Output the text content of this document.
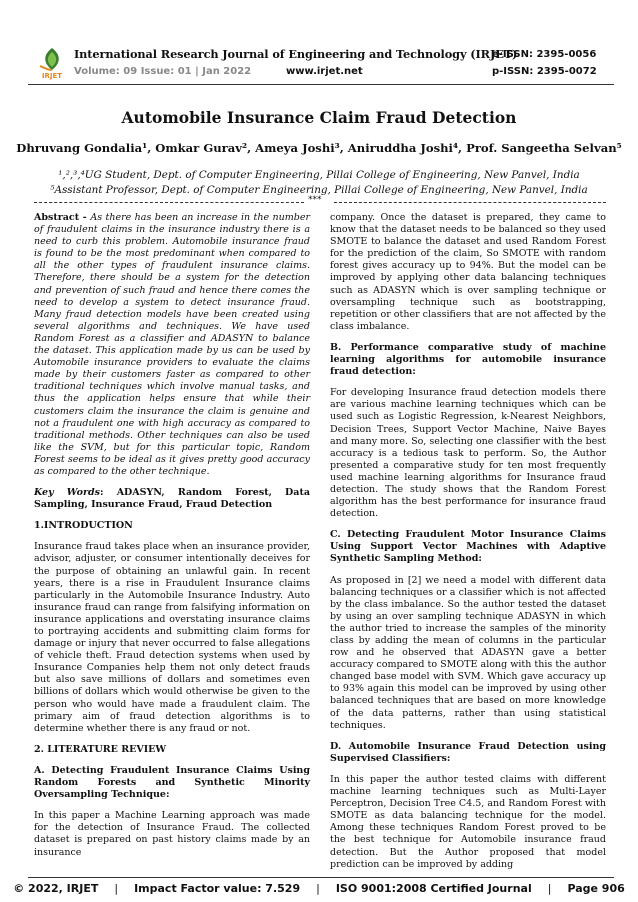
IRJET
International Research Journal of Engineering and Technology (IRJET)
e-ISSN: 2395-0056
Volume: 09 Issue: 01 | Jan 2022	www.irjet.net	p-ISSN: 2395-0072
Automobile Insurance Claim Fraud Detection
Dhruvang Gondalia¹, Omkar Gurav², Ameya Joshi³, Aniruddha Joshi⁴, Prof. Sangeetha Selvan⁵
¹,²,³,⁴UG Student, Dept. of Computer Engineering, Pillai College of Engineering, New Panvel, India
⁵Assistant Professor, Dept. of Computer Engineering, Pillai College of Engineering, New Panvel, India
***

Abstract - As there has been an increase in the number of fraudulent claims in the insurance industry there is a need to curb this problem. Automobile insurance fraud is found to be the most predominant when compared to all the other types of fraudulent insurance claims. Therefore, there should be a system for the detection and prevention of such fraud and hence there comes the need to develop a system to detect insurance fraud. Many fraud detection models have been created using several algorithms and techniques. We have used Random Forest as a classifier and ADASYN to balance the dataset. This application made by us can be used by Automobile insurance providers to evaluate the claims made by their customers faster as compared to other traditional techniques which involve manual tasks, and thus the application helps ensure that while their customers claim the insurance the claim is genuine and not a fraudulent one with high accuracy as compared to traditional methods. Other techniques can also be used like the SVM, but for this particular topic, Random Forest seems to be ideal as it gives pretty good accuracy as compared to the other technique.

Key Words: ADASYN, Random Forest, Data Sampling, Insurance Fraud, Fraud Detection

1.INTRODUCTION

Insurance fraud takes place when an insurance provider, advisor, adjuster, or consumer intentionally deceives for the purpose of obtaining an unlawful gain. In recent years, there is a rise in Fraudulent Insurance claims particularly in the Automobile Insurance Industry. Auto insurance fraud can range from falsifying information on insurance applications and overstating insurance claims to portraying accidents and submitting claim forms for damage or injury that never occurred to false allegations of vehicle theft. Fraud detection systems when used by Insurance Companies help them not only detect frauds but also save millions of dollars and sometimes even billions of dollars which would otherwise be given to the person who would have made a fraudulent claim. The primary aim of fraud detection algorithms is to determine whether there is any fraud or not.

2. LITERATURE REVIEW

A. Detecting Fraudulent Insurance Claims Using Random Forests and Synthetic Minority Oversampling Technique:

In this paper a Machine Learning approach was made for the detection of Insurance Fraud. The collected dataset is prepared on past history claims made by an insurance

company. Once the dataset is prepared, they came to know that the dataset needs to be balanced so they used SMOTE to balance the dataset and used Random Forest for the prediction of the claim, So SMOTE with random forest gives accuracy up to 94%. But the model can be improved by applying other data balancing techniques such as ADASYN which is over sampling technique or oversampling technique such as bootstrapping, repetition or other classifiers that are not affected by the class imbalance.

B. Performance comparative study of machine learning algorithms for automobile insurance fraud detection:

For developing Insurance fraud detection models there are various machine learning techniques which can be used such as Logistic Regression, k-Nearest Neighbors, Decision Trees, Support Vector Machine, Naive Bayes and many more. So, selecting one classifier with the best accuracy is a tedious task to perform. So, the Author presented a comparative study for ten most frequently used machine learning algorithms for Insurance fraud detection. The study shows that the Random Forest algorithm has the best performance for insurance fraud detection.

C. Detecting Fraudulent Motor Insurance Claims Using Support Vector Machines with Adaptive Synthetic Sampling Method:

As proposed in [2] we need a model with different data balancing techniques or a classifier which is not affected by the class imbalance. So the author tested the dataset by using an over sampling technique ADASYN in which the author tried to increase the samples of the minority class by adding the mean of columns in the particular row and he observed that ADASYN gave a better accuracy compared to SMOTE along with this the author changed base model with SVM. Which gave accuracy up to 93% again this model can be improved by using other balanced techniques that are based on more knowledge of the data patterns, rather than using statistical techniques.

D. Automobile Insurance Fraud Detection using Supervised Classifiers:

In this paper the author tested claims with different machine learning techniques such as Multi-Layer Perceptron, Decision Tree C4.5, and Random Forest with SMOTE as data balancing technique for the model. Among these techniques Random Forest proved to be the best technique for Automobile insurance fraud detection. But the Author proposed that model prediction can be improved by adding

© 2022, IRJET | Impact Factor value: 7.529 | ISO 9001:2008 Certified Journal | Page 906
